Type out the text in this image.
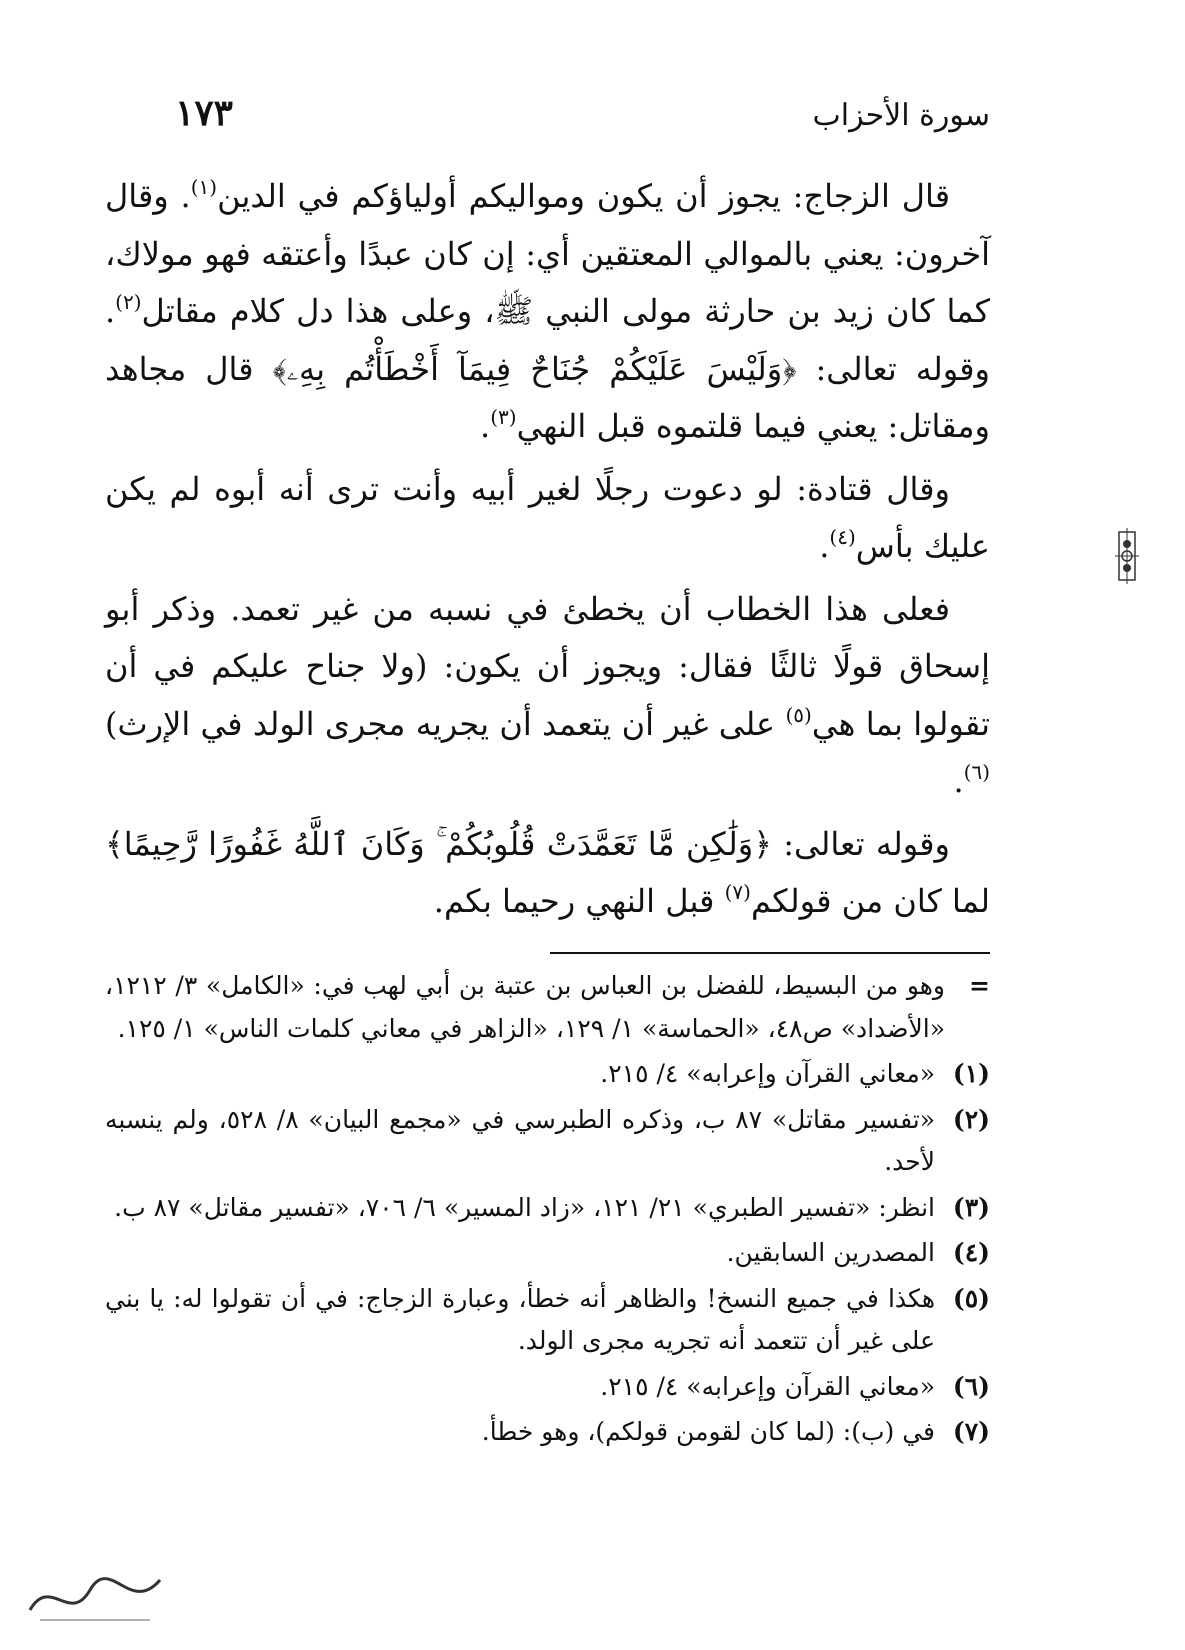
سورة الأحزاب
١٧٣

قال الزجاج: يجوز أن يكون ومواليكم أولياؤكم في الدين$^{(١)}$. وقال آخرون: يعني بالموالي المعتقين أي: إن كان عبدًا وأعتقه فهو مولاك، كما كان زيد بن حارثة مولى النبي ﷺ، وعلى هذا دل كلام مقاتل$^{(٢)}$. وقوله تعالى: ﴿وَلَيْسَ عَلَيْكُمْ جُنَاحٌ فِيمَآ أَخْطَأْتُم بِهِۦ﴾ قال مجاهد ومقاتل: يعني فيما قلتموه قبل النهي$^{(٣)}$.

وقال قتادة: لو دعوت رجلًا لغير أبيه وأنت ترى أنه أبوه لم يكن عليك بأس$^{(٤)}$.

فعلى هذا الخطاب أن يخطئ في نسبه من غير تعمد. وذكر أبو إسحاق قولًا ثالثًا فقال: ويجوز أن يكون: (ولا جناح عليكم في أن تقولوا بما هي$^{(٥)}$ على غير أن يتعمد أن يجريه مجرى الولد في الإرث)$^{(٦)}$.

وقوله تعالى: ﴿وَلَٰكِن مَّا تَعَمَّدَتْ قُلُوبُكُمْ ۚ وَكَانَ ٱللَّهُ غَفُورًا رَّحِيمًا﴾ لما كان من قولكم$^{(٧)}$ قبل النهي رحيما بكم.

=
وهو من البسيط، للفضل بن العباس بن عتبة بن أبي لهب في: «الكامل» ٣/ ١٢١٢، «الأضداد» ص٤٨، «الحماسة» ١/ ١٢٩، «الزاهر في معاني كلمات الناس» ١/ ١٢٥.
(١)
«معاني القرآن وإعرابه» ٤/ ٢١٥.
(٢)
«تفسير مقاتل» ٨٧ ب، وذكره الطبرسي في «مجمع البيان» ٨/ ٥٢٨، ولم ينسبه لأحد.
(٣)
انظر: «تفسير الطبري» ٢١/ ١٢١، «زاد المسير» ٦/ ٧٠٦، «تفسير مقاتل» ٨٧ ب.
(٤)
المصدرين السابقين.
(٥)
هكذا في جميع النسخ! والظاهر أنه خطأ، وعبارة الزجاج: في أن تقولوا له: يا بني على غير أن تتعمد أنه تجريه مجرى الولد.
(٦)
«معاني القرآن وإعرابه» ٤/ ٢١٥.
(٧)
في (ب): (لما كان لقومن قولكم)، وهو خطأ.
